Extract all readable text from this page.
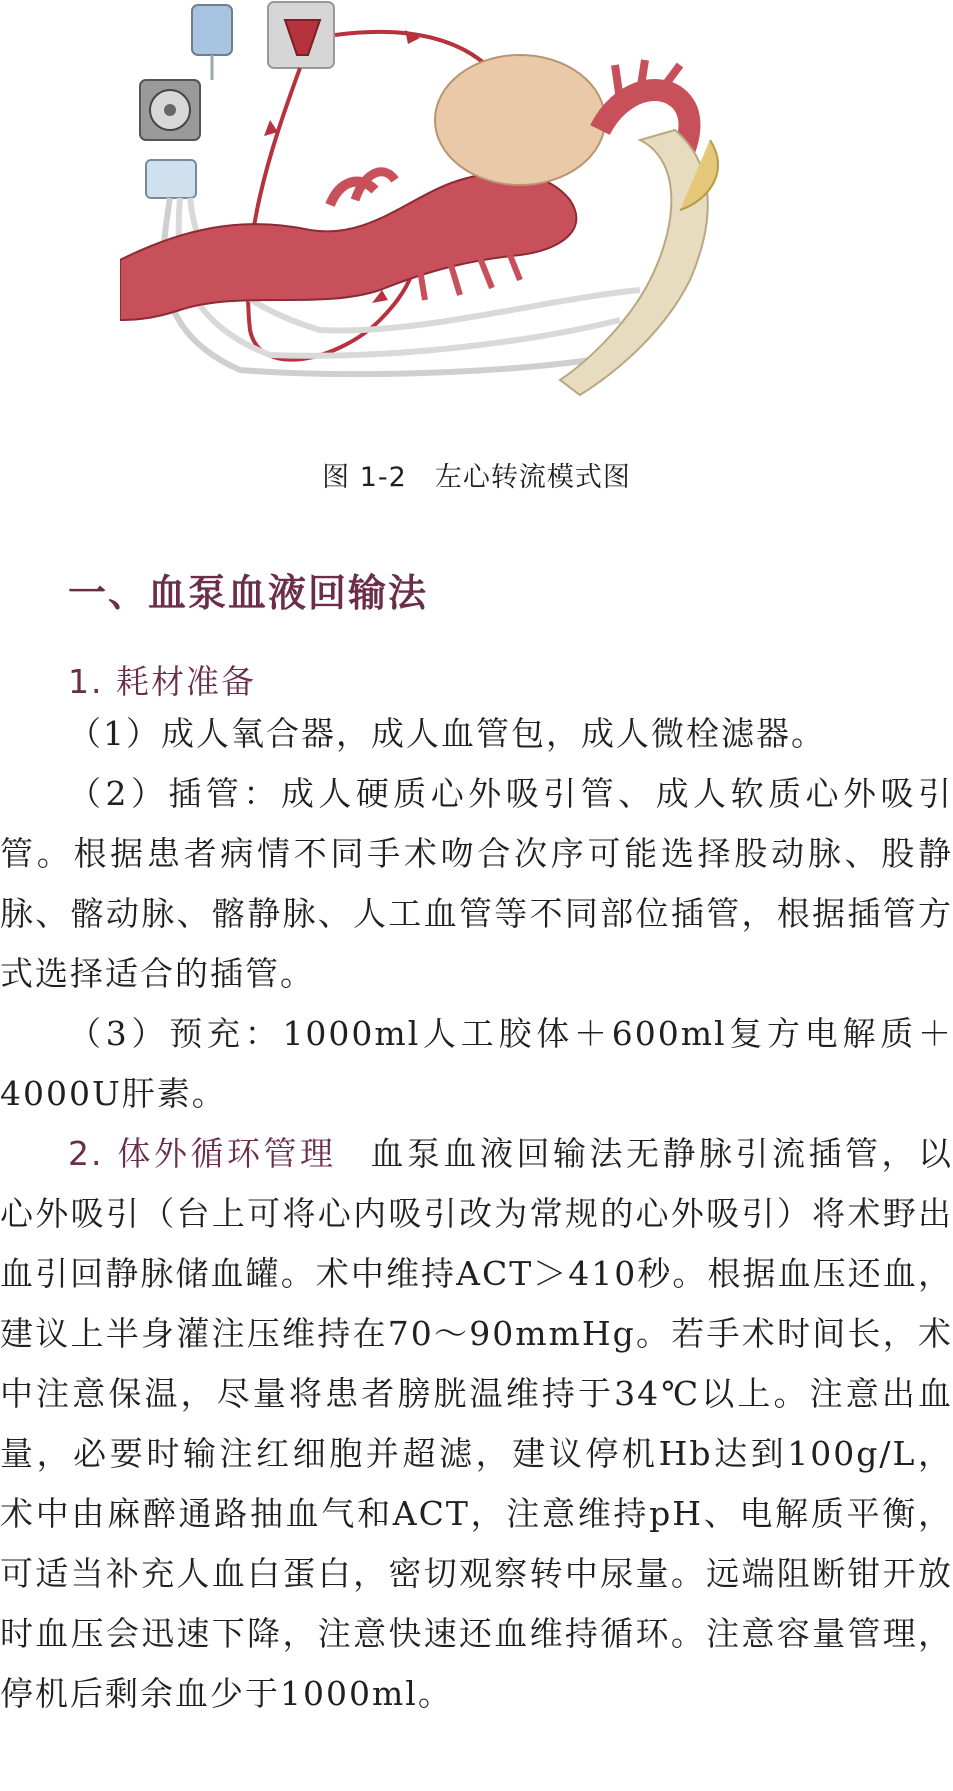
图 1-2　左心转流模式图
一、血泵血液回输法
1. 耗材准备
（1）成人氧合器，成人血管包，成人微栓滤器。
（2）插管：成人硬质心外吸引管、成人软质心外吸引管。根据患者病情不同手术吻合次序可能选择股动脉、股静脉、髂动脉、髂静脉、人工血管等不同部位插管，根据插管方式选择适合的插管。
（3）预充：1000ml人工胶体＋600ml复方电解质＋4000U肝素。
2. 体外循环管理 血泵血液回输法无静脉引流插管，以心外吸引（台上可将心内吸引改为常规的心外吸引）将术野出血引回静脉储血罐。术中维持ACT＞410秒。根据血压还血，建议上半身灌注压维持在70～90mmHg。若手术时间长，术中注意保温，尽量将患者膀胱温维持于34℃以上。注意出血量，必要时输注红细胞并超滤，建议停机Hb达到100g/L，术中由麻醉通路抽血气和ACT，注意维持pH、电解质平衡，可适当补充人血白蛋白，密切观察转中尿量。远端阻断钳开放时血压会迅速下降，注意快速还血维持循环。注意容量管理，停机后剩余血少于1000ml。
